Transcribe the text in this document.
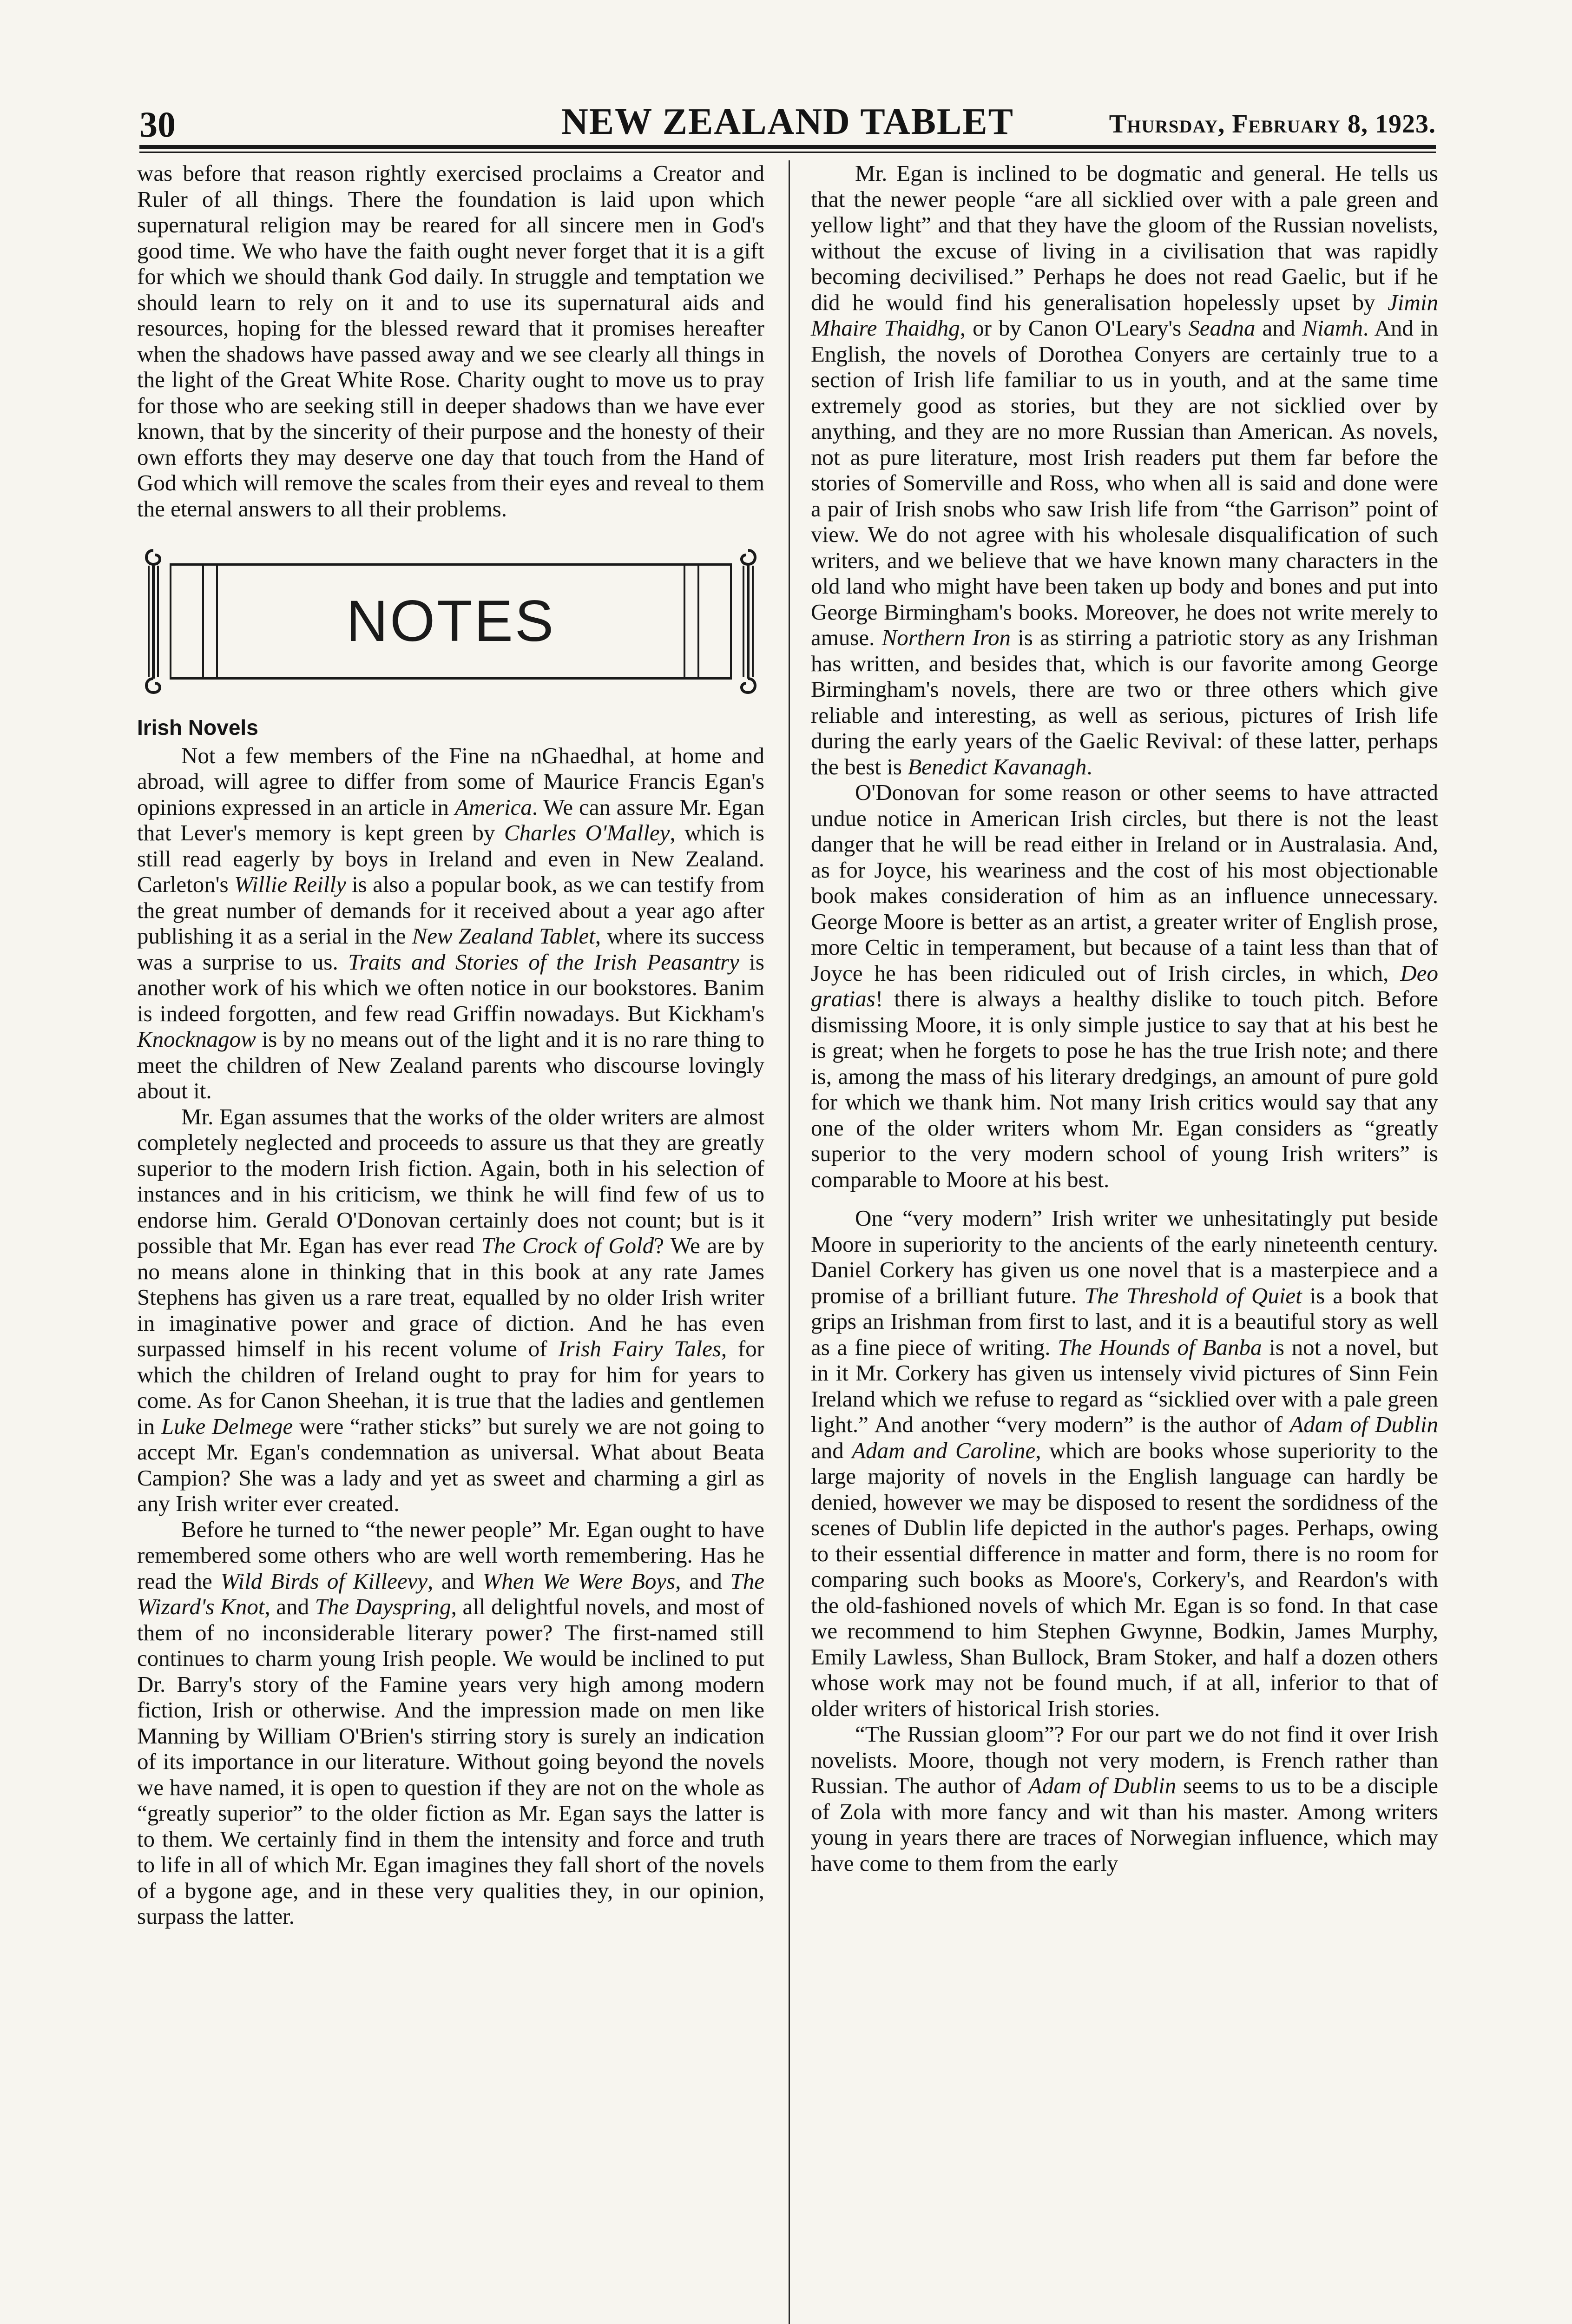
30	NEW ZEALAND TABLET	Thursday, February 8, 1923.

was before that reason rightly exercised proclaims a Creator and Ruler of all things. There the foundation is laid upon which supernatural religion may be reared for all sincere men in God's good time. We who have the faith ought never forget that it is a gift for which we should thank God daily. In struggle and temptation we should learn to rely on it and to use its supernatural aids and resources, hoping for the blessed reward that it promises hereafter when the shadows have passed away and we see clearly all things in the light of the Great White Rose. Charity ought to move us to pray for those who are seeking still in deeper shadows than we have ever known, that by the sincerity of their purpose and the honesty of their own efforts they may deserve one day that touch from the Hand of God which will remove the scales from their eyes and reveal to them the eternal answers to all their problems.

NOTES
Irish Novels

Not a few members of the Fine na nGhaedhal, at home and abroad, will agree to differ from some of Maurice Francis Egan's opinions expressed in an article in America. We can assure Mr. Egan that Lever's memory is kept green by Charles O'Malley, which is still read eagerly by boys in Ireland and even in New Zealand. Carleton's Willie Reilly is also a popular book, as we can testify from the great number of demands for it received about a year ago after publishing it as a serial in the New Zealand Tablet, where its success was a surprise to us. Traits and Stories of the Irish Peasantry is another work of his which we often notice in our bookstores. Banim is indeed forgotten, and few read Griffin nowadays. But Kickham's Knocknagow is by no means out of the light and it is no rare thing to meet the children of New Zealand parents who discourse lovingly about it.

Mr. Egan assumes that the works of the older writers are almost completely neglected and proceeds to assure us that they are greatly superior to the modern Irish fiction. Again, both in his selection of instances and in his criticism, we think he will find few of us to endorse him. Gerald O'Donovan certainly does not count; but is it possible that Mr. Egan has ever read The Crock of Gold? We are by no means alone in thinking that in this book at any rate James Stephens has given us a rare treat, equalled by no older Irish writer in imaginative power and grace of diction. And he has even surpassed himself in his recent volume of Irish Fairy Tales, for which the children of Ireland ought to pray for him for years to come. As for Canon Sheehan, it is true that the ladies and gentlemen in Luke Delmege were “rather sticks” but surely we are not going to accept Mr. Egan's condemnation as universal. What about Beata Campion? She was a lady and yet as sweet and charming a girl as any Irish writer ever created.

Before he turned to “the newer people” Mr. Egan ought to have remembered some others who are well worth remembering. Has he read the Wild Birds of Killeevy, and When We Were Boys, and The Wizard's Knot, and The Dayspring, all delightful novels, and most of them of no inconsiderable literary power? The first-named still continues to charm young Irish people. We would be inclined to put Dr. Barry's story of the Famine years very high among modern fiction, Irish or otherwise. And the impression made on men like Manning by William O'Brien's stirring story is surely an indication of its importance in our literature. Without going beyond the novels we have named, it is open to question if they are not on the whole as “greatly superior” to the older fiction as Mr. Egan says the latter is to them. We certainly find in them the intensity and force and truth to life in all of which Mr. Egan imagines they fall short of the novels of a bygone age, and in these very qualities they, in our opinion, surpass the latter.

Mr. Egan is inclined to be dogmatic and general. He tells us that the newer people “are all sicklied over with a pale green and yellow light” and that they have the gloom of the Russian novelists, without the excuse of living in a civilisation that was rapidly becoming decivilised.” Perhaps he does not read Gaelic, but if he did he would find his generalisation hopelessly upset by Jimin Mhaire Thaidhg, or by Canon O'Leary's Seadna and Niamh. And in English, the novels of Dorothea Conyers are certainly true to a section of Irish life familiar to us in youth, and at the same time extremely good as stories, but they are not sicklied over by anything, and they are no more Russian than American. As novels, not as pure literature, most Irish readers put them far before the stories of Somerville and Ross, who when all is said and done were a pair of Irish snobs who saw Irish life from “the Garrison” point of view. We do not agree with his wholesale disqualification of such writers, and we believe that we have known many characters in the old land who might have been taken up body and bones and put into George Birmingham's books. Moreover, he does not write merely to amuse. Northern Iron is as stirring a patriotic story as any Irishman has written, and besides that, which is our favorite among George Birmingham's novels, there are two or three others which give reliable and interesting, as well as serious, pictures of Irish life during the early years of the Gaelic Revival: of these latter, perhaps the best is Benedict Kavanagh.

O'Donovan for some reason or other seems to have attracted undue notice in American Irish circles, but there is not the least danger that he will be read either in Ireland or in Australasia. And, as for Joyce, his weariness and the cost of his most objectionable book makes consideration of him as an influence unnecessary. George Moore is better as an artist, a greater writer of English prose, more Celtic in temperament, but because of a taint less than that of Joyce he has been ridiculed out of Irish circles, in which, Deo gratias! there is always a healthy dislike to touch pitch. Before dismissing Moore, it is only simple justice to say that at his best he is great; when he forgets to pose he has the true Irish note; and there is, among the mass of his literary dredgings, an amount of pure gold for which we thank him. Not many Irish critics would say that any one of the older writers whom Mr. Egan considers as “greatly superior to the very modern school of young Irish writers” is comparable to Moore at his best.

One “very modern” Irish writer we unhesitatingly put beside Moore in superiority to the ancients of the early nineteenth century. Daniel Corkery has given us one novel that is a masterpiece and a promise of a brilliant future. The Threshold of Quiet is a book that grips an Irishman from first to last, and it is a beautiful story as well as a fine piece of writing. The Hounds of Banba is not a novel, but in it Mr. Corkery has given us intensely vivid pictures of Sinn Fein Ireland which we refuse to regard as “sicklied over with a pale green light.” And another “very modern” is the author of Adam of Dublin and Adam and Caroline, which are books whose superiority to the large majority of novels in the English language can hardly be denied, however we may be disposed to resent the sordidness of the scenes of Dublin life depicted in the author's pages. Perhaps, owing to their essential difference in matter and form, there is no room for comparing such books as Moore's, Corkery's, and Reardon's with the old-fashioned novels of which Mr. Egan is so fond. In that case we recommend to him Stephen Gwynne, Bodkin, James Murphy, Emily Lawless, Shan Bullock, Bram Stoker, and half a dozen others whose work may not be found much, if at all, inferior to that of older writers of historical Irish stories.

“The Russian gloom”? For our part we do not find it over Irish novelists. Moore, though not very modern, is French rather than Russian. The author of Adam of Dublin seems to us to be a disciple of Zola with more fancy and wit than his master. Among writers young in years there are traces of Norwegian influence, which may have come to them from the early
